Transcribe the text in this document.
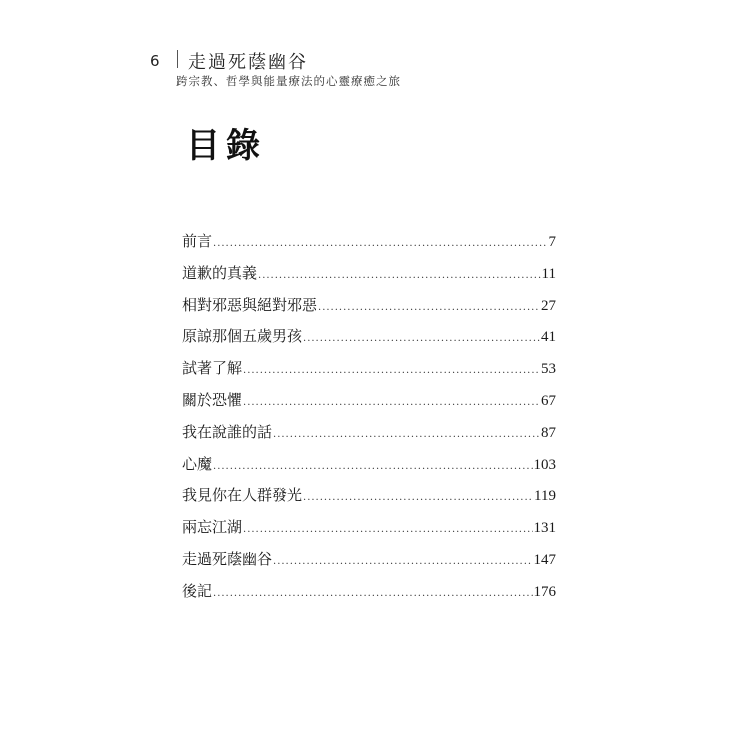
6 走過死蔭幽谷
跨宗教、哲學與能量療法的心靈療癒之旅
目錄
前言 .....	7
道歉的真義 .....	11
相對邪惡與絕對邪惡 .....	27
原諒那個五歲男孩 .....	41
試著了解 .....	53
關於恐懼 .....	67
我在說誰的話 .....	87
心魔 .....	103
我見你在人群發光 .....	119
兩忘江湖 .....	131
走過死蔭幽谷 .....	147
後記 .....	176
